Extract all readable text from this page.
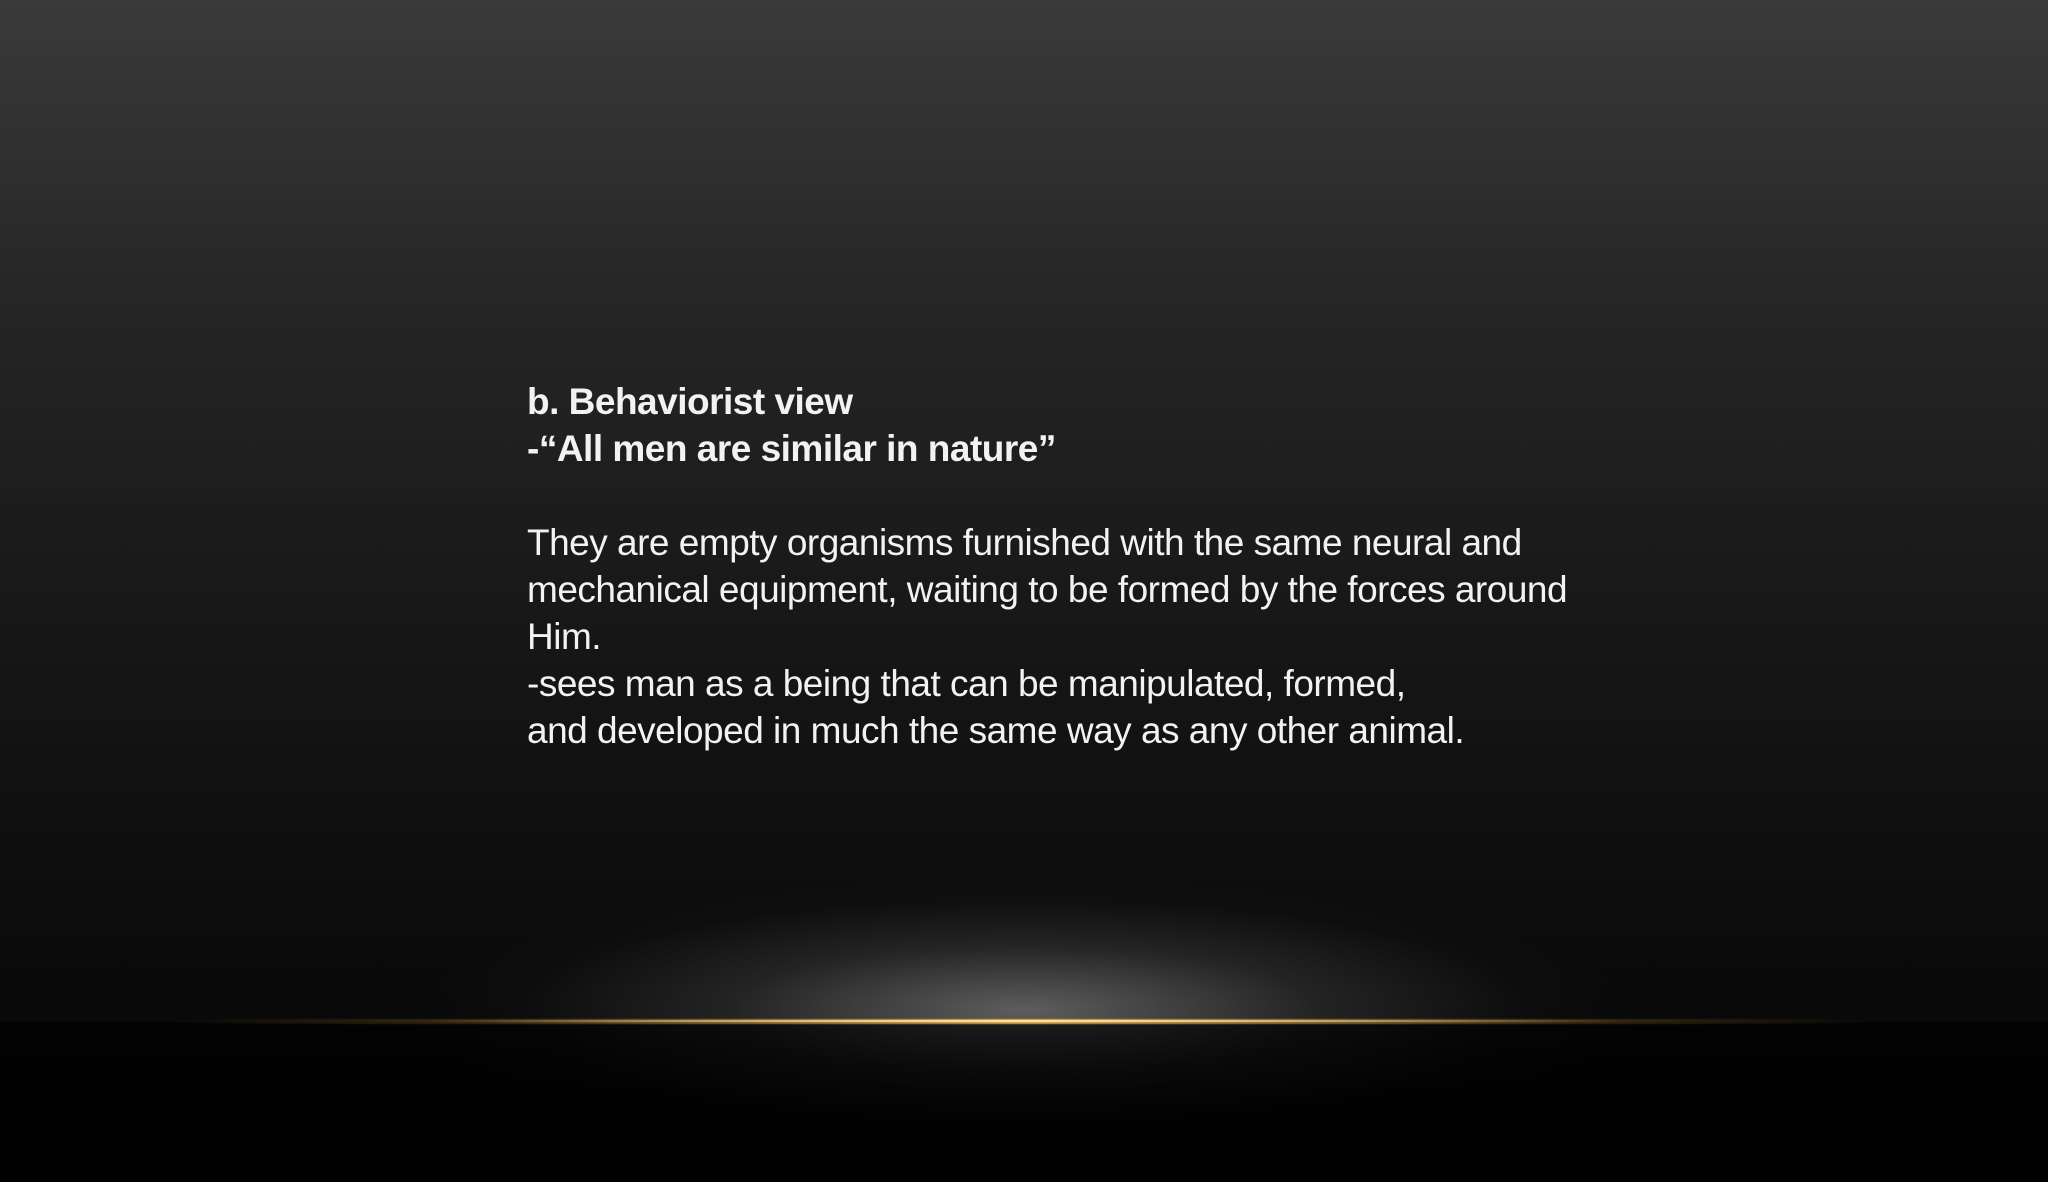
b. Behaviorist view
-“All men are similar in nature”
They are empty organisms furnished with the same neural and
mechanical equipment, waiting to be formed by the forces around
Him.
-sees man as a being that can be manipulated, formed,
and developed in much the same way as any other animal.
